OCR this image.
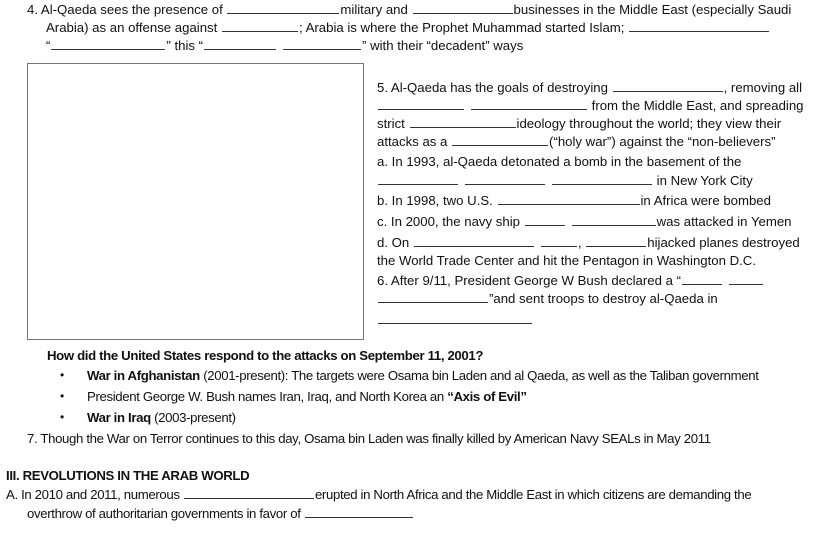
4. Al-Qaeda sees the presence of	military and	businesses in the Middle East (especially Saudi
Arabia) as an offense against	; Arabia is where the Prophet Muhammad started Islam;
“	” this “	” with their “decadent” ways
5. Al-Qaeda has the goals of destroying	, removing all
from the Middle East, and spreading
strict	ideology throughout the world; they view their
attacks as a	(“holy war”) against the “non-believers”
a. In 1993, al-Qaeda detonated a bomb in the basement of the
in New York City
b. In 1998, two U.S.	in Africa were bombed
c. In 2000, the navy ship	was attacked in Yemen
d. On	,	hijacked planes destroyed
the World Trade Center and hit the Pentagon in Washington D.C.
6. After 9/11, President George W Bush declared a “
”and sent troops to destroy al-Qaeda in
How did the United States respond to the attacks on September 11, 2001?
• War in Afghanistan (2001-present): The targets were Osama bin Laden and al Qaeda, as well as the Taliban government
• President George W. Bush names Iran, Iraq, and North Korea an “Axis of Evil”
• War in Iraq (2003-present)
7. Though the War on Terror continues to this day, Osama bin Laden was finally killed by American Navy SEALs in May 2011
III. REVOLUTIONS IN THE ARAB WORLD
A. In 2010 and 2011, numerous	erupted in North Africa and the Middle East in which citizens are demanding the
overthrow of authoritarian governments in favor of
